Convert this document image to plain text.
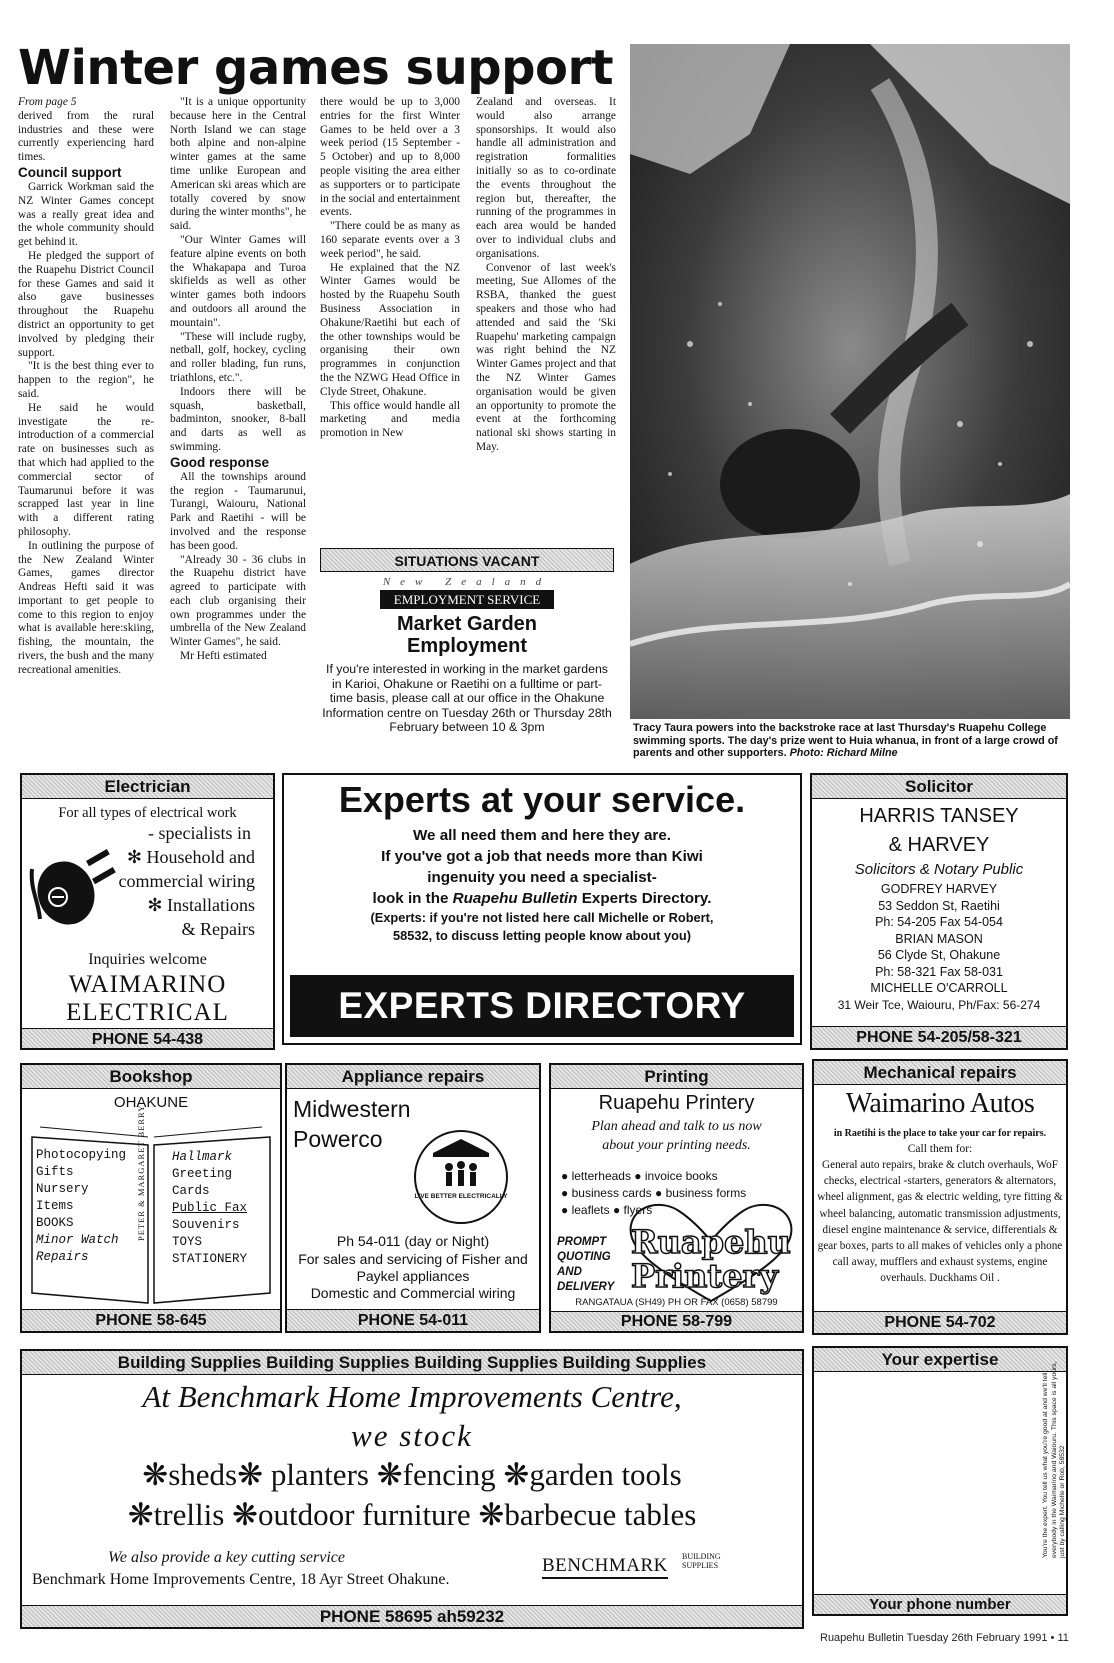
Winter games support

From page 5

derived from the rural industries and these were currently experiencing hard times.

Council support

Garrick Workman said the NZ Winter Games concept was a really great idea and the whole community should get behind it.

He pledged the support of the Ruapehu District Council for these Games and said it also gave businesses throughout the Ruapehu district an opportunity to get involved by pledging their support.

"It is the best thing ever to happen to the region", he said.

He said he would investigate the re-introduction of a commercial rate on businesses such as that which had applied to the commercial sector of Taumarunui before it was scrapped last year in line with a different rating philosophy.

In outlining the purpose of the New Zealand Winter Games, games director Andreas Hefti said it was important to get people to come to this region to enjoy what is available here:skiing, fishing, the mountain, the rivers, the bush and the many recreational amenities.

"It is a unique opportunity because here in the Central North Island we can stage both alpine and non-alpine winter games at the same time unlike European and American ski areas which are totally covered by snow during the winter months", he said.

"Our Winter Games will feature alpine events on both the Whakapapa and Turoa skifields as well as other winter games both indoors and outdoors all around the mountain".

"These will include rugby, netball, golf, hockey, cycling and roller blading, fun runs, triathlons, etc.".

Indoors there will be squash, basketball, badminton, snooker, 8-ball and darts as well as swimming.

Good response

All the townships around the region - Taumarunui, Turangi, Waiouru, National Park and Raetihi - will be involved and the response has been good.

"Already 30 - 36 clubs in the Ruapehu district have agreed to participate with each club organising their own programmes under the umbrella of the New Zealand Winter Games", he said.

Mr Hefti estimated

there would be up to 3,000 entries for the first Winter Games to be held over a 3 week period (15 September - 5 October) and up to 8,000 people visiting the area either as supporters or to participate in the social and entertainment events.

"There could be as many as 160 separate events over a 3 week period", he said.

He explained that the NZ Winter Games would be hosted by the Ruapehu South Business Association in Ohakune/Raetihi but each of the other townships would be organising their own programmes in conjunction the the NZWG Head Office in Clyde Street, Ohakune.

This office would handle all marketing and media promotion in New

Zealand and overseas. It would also arrange sponsorships. It would also handle all administration and registration formalities initially so as to co-ordinate the events throughout the region but, thereafter, the running of the programmes in each area would be handed over to individual clubs and organisations.

Convenor of last week's meeting, Sue Allomes of the RSBA, thanked the guest speakers and those who had attended and said the 'Ski Ruapehu' marketing campaign was right behind the NZ Winter Games project and that the NZ Winter Games organisation would be given an opportunity to promote the event at the forthcoming national ski shows starting in May.

SITUATIONS VACANT
New Zealand
EMPLOYMENT SERVICE
Market Garden
Employment
If you're interested in working in the market gardens in Karioi, Ohakune or Raetihi on a fulltime or part-time basis, please call at our office in the Ohakune Information centre on Tuesday 26th or Thursday 28th February between 10 & 3pm	Tracy Taura powers into the backstroke race at last Thursday's Ruapehu College swimming sports. The day's prize went to Huia whanua, in front of a large crowd of parents and other supporters. Photo: Richard Milne
Electrician
For all types of electrical work
- specialists in
✻ Household and
commercial wiring
✻ Installations
& Repairs
Inquiries welcome
WAIMARINO
ELECTRICAL
PHONE 54-438
Experts at your service.
We all need them and here they are.
If you've got a job that needs more than Kiwi
ingenuity you need a specialist-
look in the Ruapehu Bulletin Experts Directory.
(Experts: if you're not listed here call Michelle or Robert,
58532, to discuss letting people know about you)
EXPERTS DIRECTORY
Solicitor
HARRIS TANSEY
& HARVEY
Solicitors & Notary Public
GODFREY HARVEY
53 Seddon St, Raetihi
Ph: 54-205 Fax 54-054
BRIAN MASON
56 Clyde St, Ohakune
Ph: 58-321 Fax 58-031
MICHELLE O'CARROLL
31 Weir Tce, Waiouru, Ph/Fax: 56-274
PHONE 54-205/58-321
Bookshop
OHAKUNE
Photocopying
Gifts
Nursery
Items
BOOKS
Minor Watch
Repairs
PETER & MARGARET BERRY Hallmark
Greeting
Cards
Public Fax
Souvenirs
TOYS
STATIONERY
PHONE 58-645
Appliance repairs
Midwestern
Powerco
LIVE BETTER ELECTRICALLY
Ph 54-011 (day or Night)
For sales and servicing of Fisher and
Paykel appliances
Domestic and Commercial wiring
PHONE 54-011
Printing
Ruapehu Printery
Plan ahead and talk to us now
about your printing needs.
● letterheads ● invoice books
● business cards ● business forms
● leaflets ● flyers
PROMPT
QUOTING
AND
DELIVERY
Ruapehu
Printery
RANGATAUA (SH49) PH OR FAX (0658) 58799
PHONE 58-799
Mechanical repairs
Waimarino Autos
in Raetihi is the place to take your car for repairs.
Call them for:
General auto repairs, brake & clutch overhauls, WoF checks, electrical -starters, generators & alternators, wheel alignment, gas & electric welding, tyre fitting & wheel balancing, automatic transmission adjustments, diesel engine maintenance & service, differentials & gear boxes, parts to all makes of vehicles only a phone call away, mufflers and exhaust systems, engine overhauls. Duckhams Oil .
PHONE 54-702
Building Supplies Building Supplies Building Supplies Building Supplies
At Benchmark Home Improvements Centre,
we stock
❋sheds❋ planters ❋fencing ❋garden tools
❋trellis ❋outdoor furniture ❋barbecue tables
We also provide a key cutting service
Benchmark Home Improvements Centre, 18 Ayr Street Ohakune.
BENCHMARK BUILDING
SUPPLIES
PHONE 58695 ah59232
Your expertise
You're the expert. You tell us what you're good at and we'll tell everybody in the Waimarino and Waiouru. This space is all yours, just by calling Michelle or Rob, 58532
Your phone number
Ruapehu Bulletin Tuesday 26th February 1991 • 11
